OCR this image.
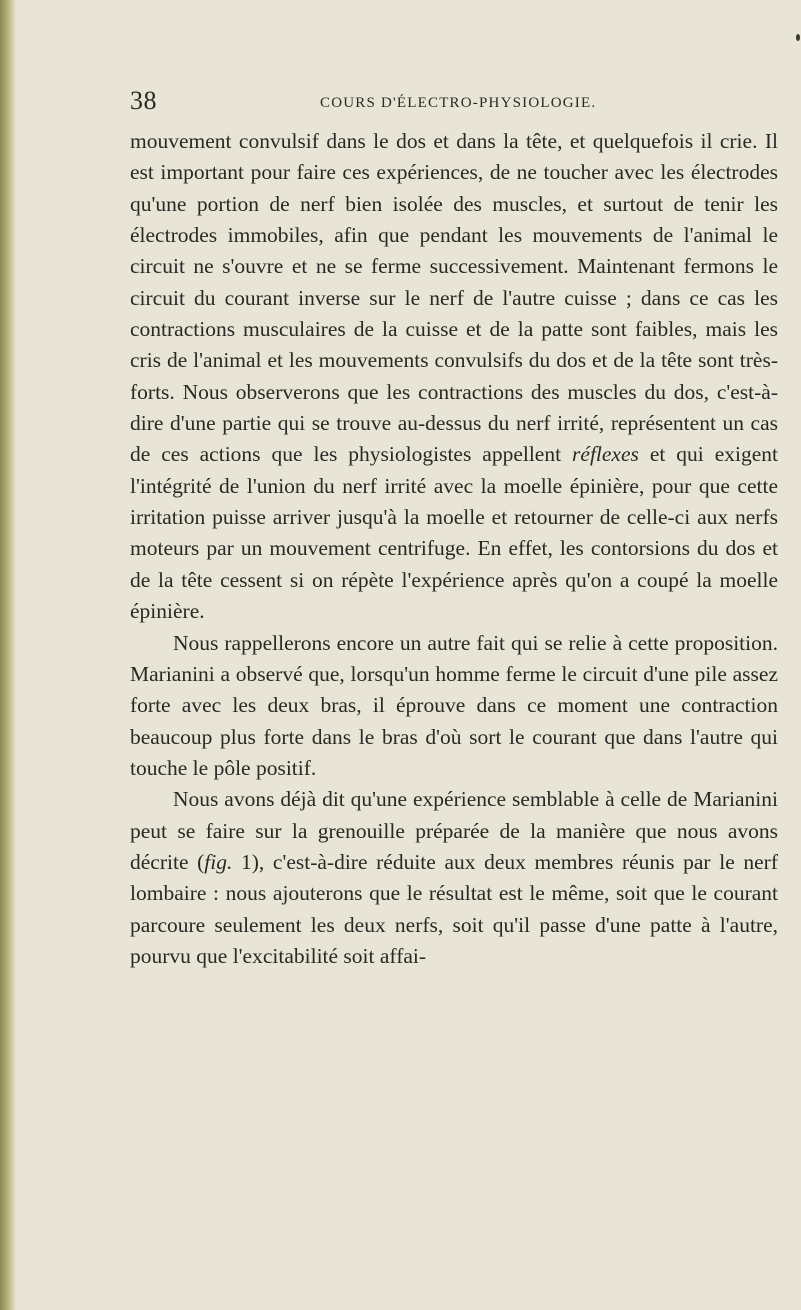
38	COURS D'ÉLECTRO-PHYSIOLOGIE.

mouvement convulsif dans le dos et dans la tête, et quelquefois il crie. Il est important pour faire ces expériences, de ne toucher avec les électrodes qu'une portion de nerf bien isolée des muscles, et surtout de tenir les électrodes immobiles, afin que pendant les mouvements de l'animal le circuit ne s'ouvre et ne se ferme successivement. Maintenant fermons le circuit du courant inverse sur le nerf de l'autre cuisse ; dans ce cas les contractions musculaires de la cuisse et de la patte sont faibles, mais les cris de l'animal et les mouvements convulsifs du dos et de la tête sont très-forts. Nous observerons que les contractions des muscles du dos, c'est-à-dire d'une partie qui se trouve au-dessus du nerf irrité, représentent un cas de ces actions que les physiologistes appellent réflexes et qui exigent l'intégrité de l'union du nerf irrité avec la moelle épinière, pour que cette irritation puisse arriver jusqu'à la moelle et retourner de celle-ci aux nerfs moteurs par un mouvement centrifuge. En effet, les contorsions du dos et de la tête cessent si on répète l'expérience après qu'on a coupé la moelle épinière.

Nous rappellerons encore un autre fait qui se relie à cette proposition. Marianini a observé que, lorsqu'un homme ferme le circuit d'une pile assez forte avec les deux bras, il éprouve dans ce moment une contraction beaucoup plus forte dans le bras d'où sort le courant que dans l'autre qui touche le pôle positif.

Nous avons déjà dit qu'une expérience semblable à celle de Marianini peut se faire sur la grenouille préparée de la manière que nous avons décrite (fig. 1), c'est-à-dire réduite aux deux membres réunis par le nerf lombaire : nous ajouterons que le résultat est le même, soit que le courant parcoure seulement les deux nerfs, soit qu'il passe d'une patte à l'autre, pourvu que l'excitabilité soit affai-
